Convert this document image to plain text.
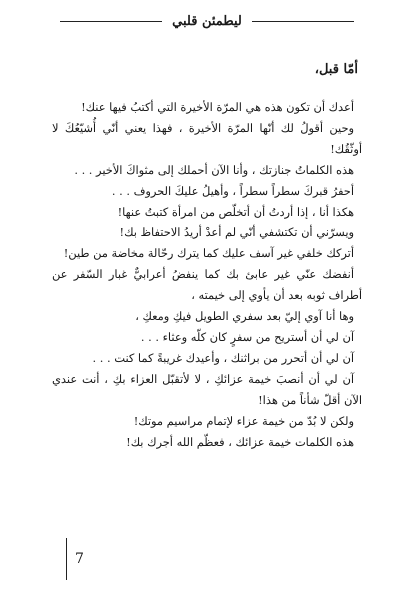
ليطمئن قلبي
أمّا قبل،

أعدك أن تكون هذه هي المرّة الأخيرة التي أكتبُ فيها عنك!

وحين أقولُ لك أنّها المرّة الأخيرة ، فهذا يعني أنّي أُشيّعُكَ لا أوثّقُك!

هذه الكلماتُ جنازتك ، وأنا الآن أحملك إلى مثواكَ الأخير . . .

أحفرُ قبركَ سطراً سطراً ، وأهيلُ عليكَ الحروف . . .

هكذا أنا ، إذا أردتُ أن أتخلّص من امرأة كتبتُ عنها!

ويسرّني أن تكتشفي أنّي لم أعدْ أريدُ الاحتفاظ بك!

أتركك خلفي غير آسف عليك كما يترك رحّالة مخاضة من طين!

أنفضك عنّي غير عابئ بك كما ينفضُ أعرابيٌّ غبار السّفر عن أطراف ثوبه بعد أن يأوي إلى خيمته ،

وها أنا آوي إليّ بعد سفري الطويل فيكِ ومعكِ ،

آن لي أن أستريح من سفرٍ كان كلّه وعثاء . . .

آن لي أن أتحرر من براثنك ، وأعيدك غريبةً كما كنت . . .

آن لي أن أنصبَ خيمة عزائكِ ، لا لأتقبّل العزاء بكِ ، أنت عندي الآن أقلّ شأناً من هذا!

ولكن لا بُدّ من خيمة عزاء لإتمام مراسيم موتك!

هذه الكلمات خيمة عزائك ، فعظّم الله أجرك بك!

7
